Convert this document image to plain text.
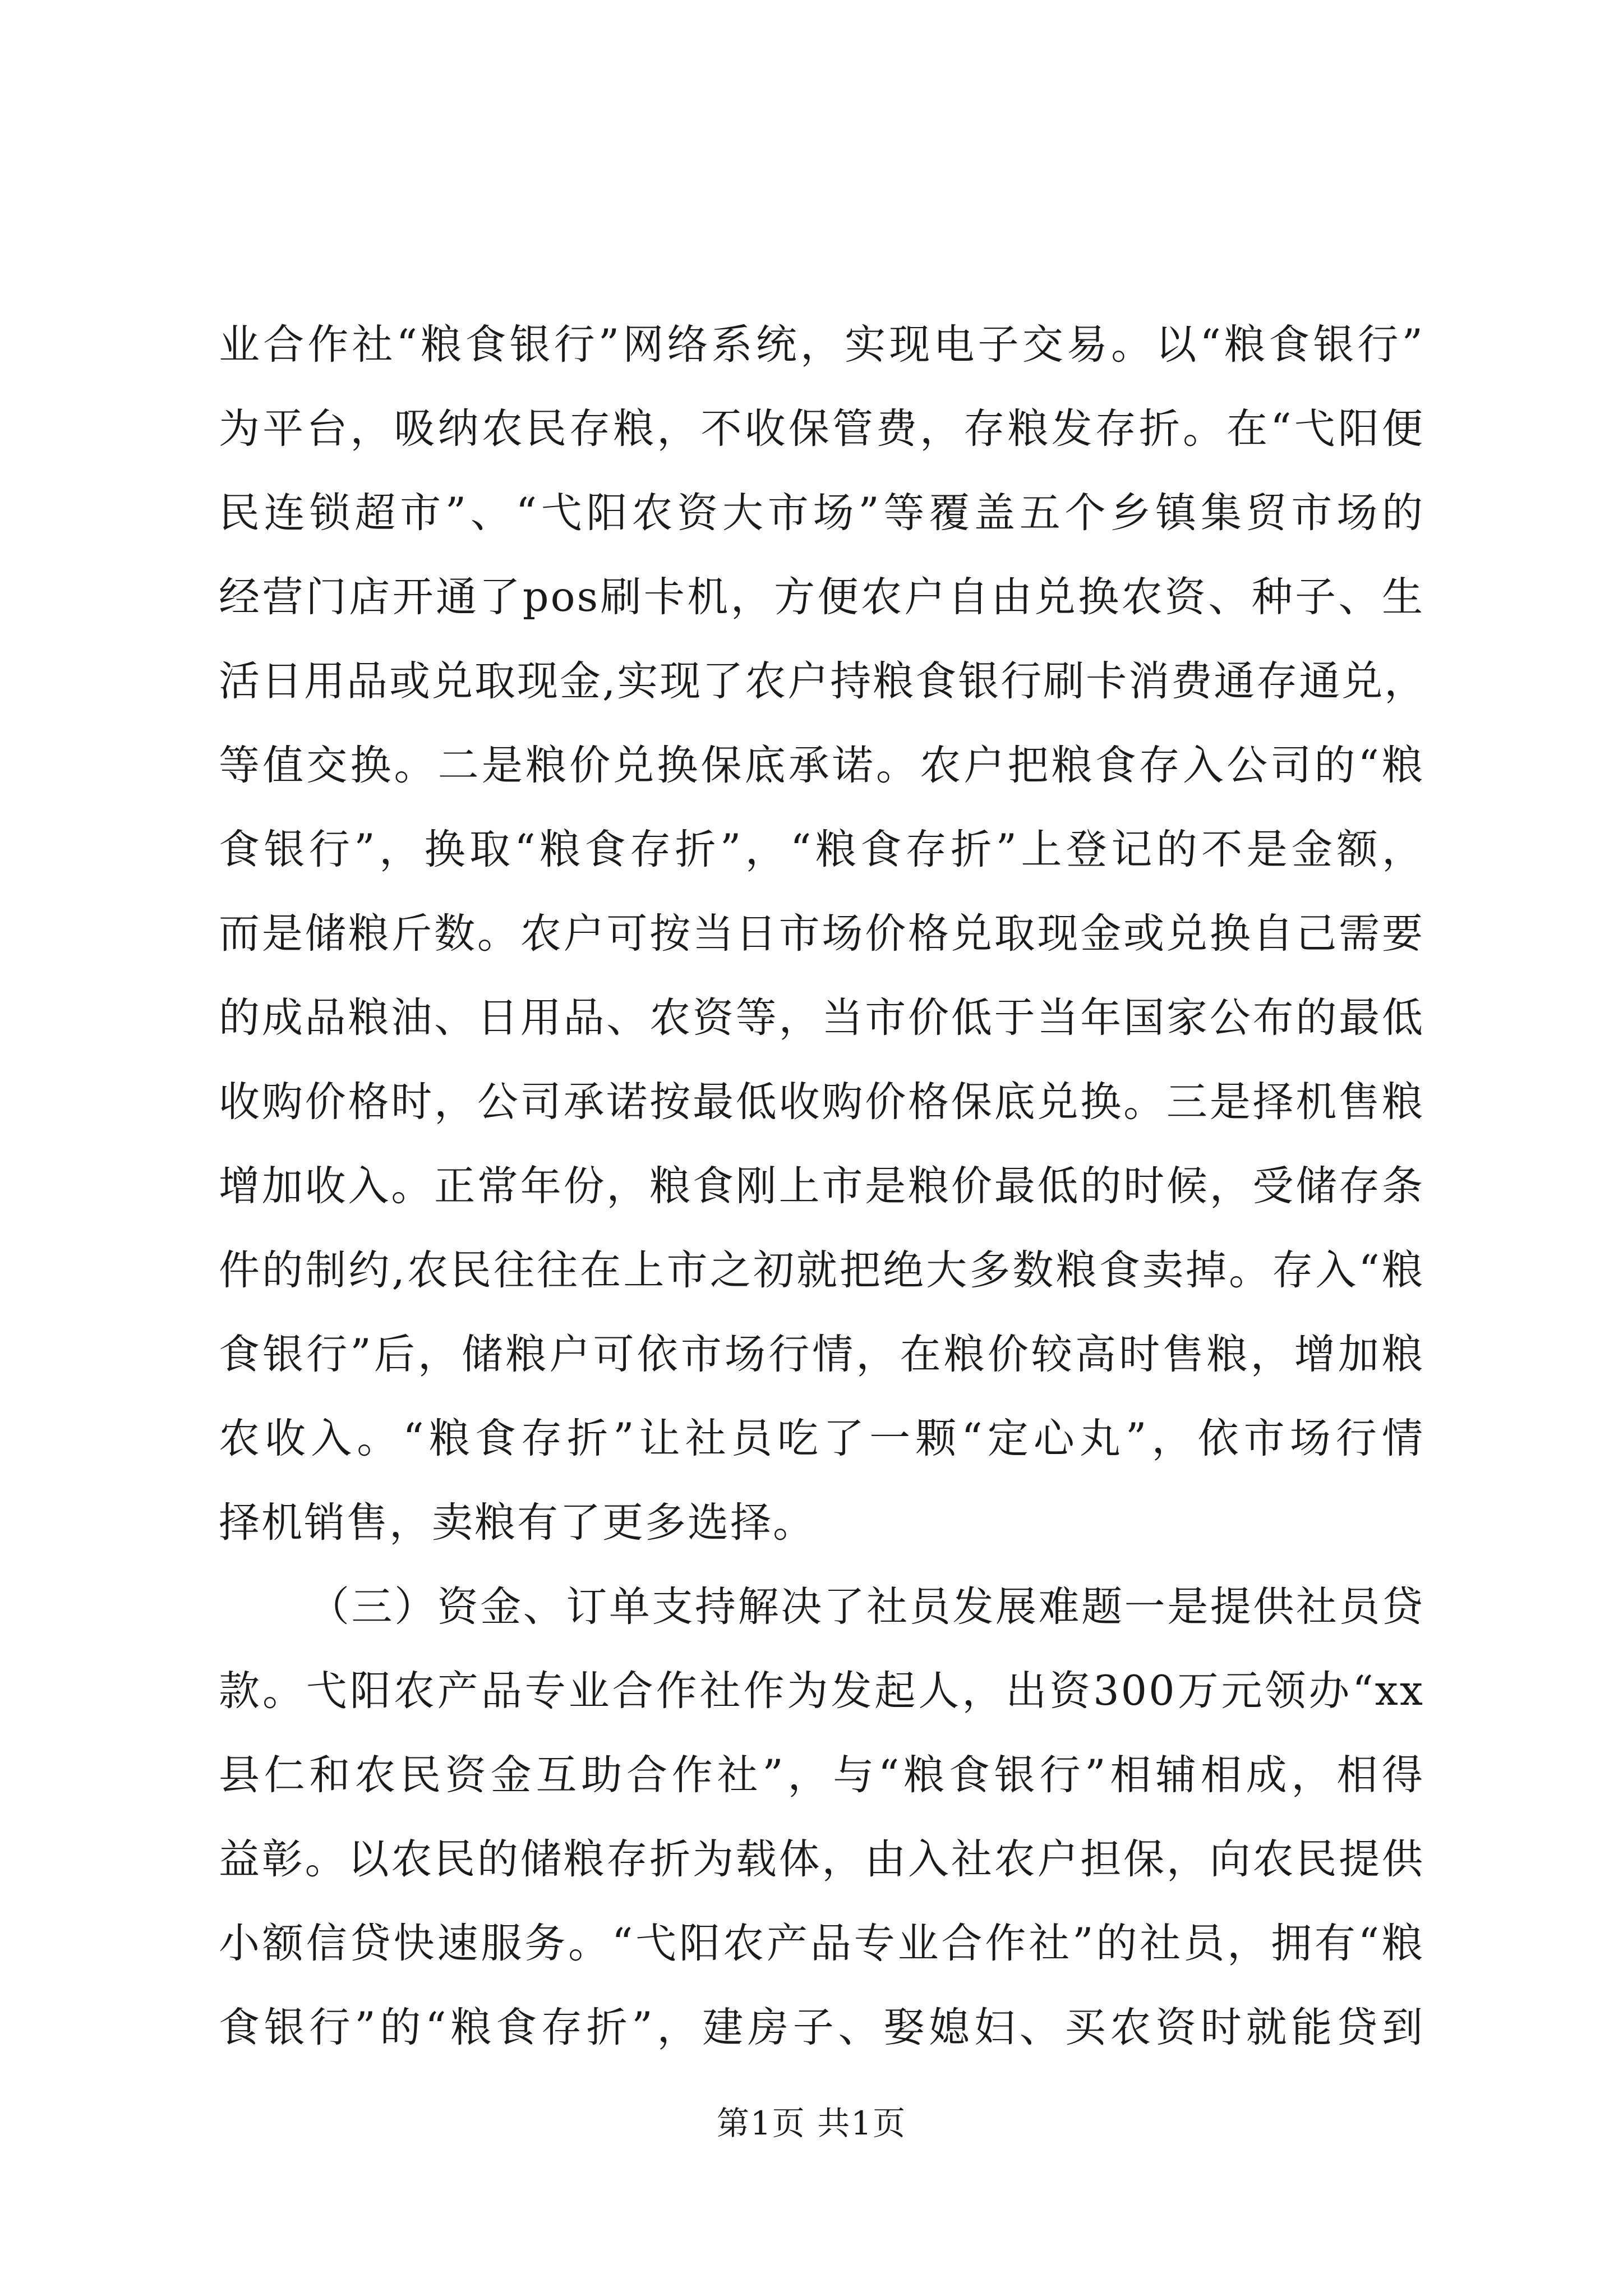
业合作社“粮食银行”网络系统，实现电子交易。以“粮食银行”
为平台，吸纳农民存粮，不收保管费，存粮发存折。在“弋阳便
民连锁超市”、“弋阳农资大市场”等覆盖五个乡镇集贸市场的
经营门店开通了pos刷卡机，方便农户自由兑换农资、种子、生
活日用品或兑取现金,实现了农户持粮食银行刷卡消费通存通兑，
等值交换。二是粮价兑换保底承诺。农户把粮食存入公司的“粮
食银行”，换取“粮食存折”，“粮食存折”上登记的不是金额，
而是储粮斤数。农户可按当日市场价格兑取现金或兑换自己需要
的成品粮油、日用品、农资等，当市价低于当年国家公布的最低
收购价格时，公司承诺按最低收购价格保底兑换。三是择机售粮
增加收入。正常年份，粮食刚上市是粮价最低的时候，受储存条
件的制约,农民往往在上市之初就把绝大多数粮食卖掉。存入“粮
食银行”后，储粮户可依市场行情，在粮价较高时售粮，增加粮
农收入。“粮食存折”让社员吃了一颗“定心丸”，依市场行情
择机销售，卖粮有了更多选择。
（三）资金、订单支持解决了社员发展难题一是提供社员贷
款。弋阳农产品专业合作社作为发起人，出资300万元领办“xx
县仁和农民资金互助合作社”，与“粮食银行”相辅相成，相得
益彰。以农民的储粮存折为载体，由入社农户担保，向农民提供
小额信贷快速服务。“弋阳农产品专业合作社”的社员，拥有“粮
食银行”的“粮食存折”，建房子、娶媳妇、买农资时就能贷到
第1页 共1页
